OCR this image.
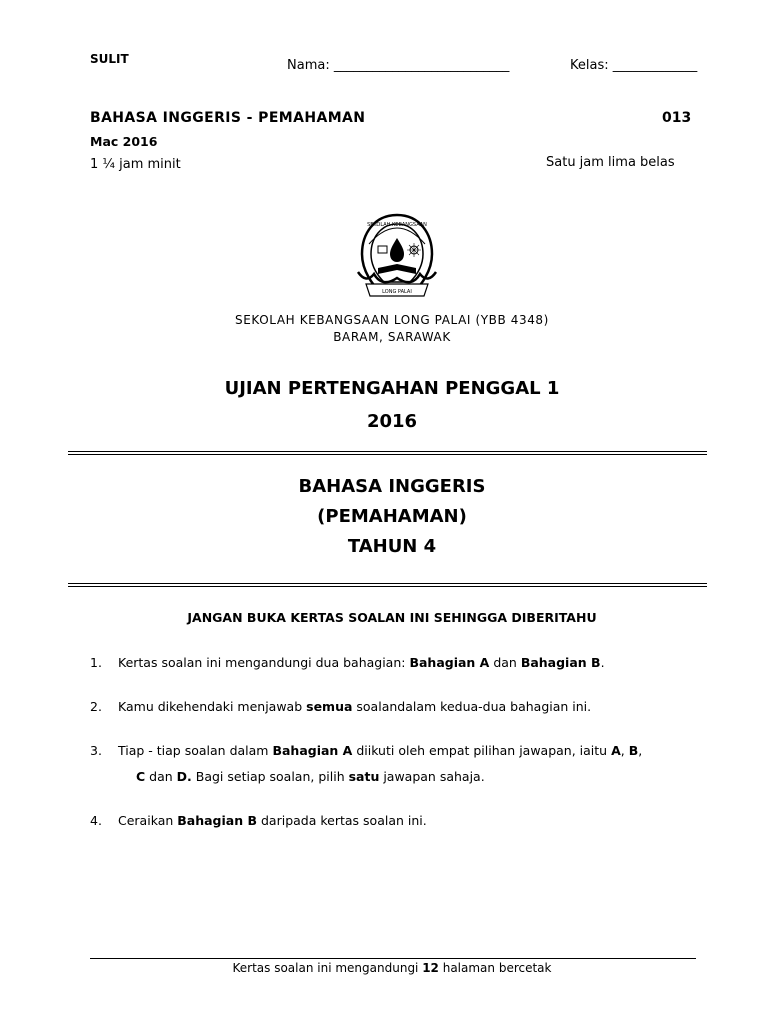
SULIT	Nama: ___________________________	Kelas: _____________
BAHASA INGGERIS - PEMAHAMAN	013
Mac 2016
1 ¼ jam minit	Satu jam lima belas
SEKOLAH KEBANGSAAN
LONG PALAI
SEKOLAH KEBANGSAAN LONG PALAI (YBB 4348)
BARAM, SARAWAK
UJIAN PERTENGAHAN PENGGAL 1
2016
BAHASA INGGERIS
(PEMAHAMAN)
TAHUN 4
JANGAN BUKA KERTAS SOALAN INI SEHINGGA DIBERITAHU
1. Kertas soalan ini mengandungi dua bahagian: Bahagian A dan Bahagian B.
2. Kamu dikehendaki menjawab semua soalandalam kedua-dua bahagian ini.
3. Tiap - tiap soalan dalam Bahagian A diikuti oleh empat pilihan jawapan, iaitu A, B,
C dan D. Bagi setiap soalan, pilih satu jawapan sahaja.
4. Ceraikan Bahagian B daripada kertas soalan ini.
Kertas soalan ini mengandungi 12 halaman bercetak
